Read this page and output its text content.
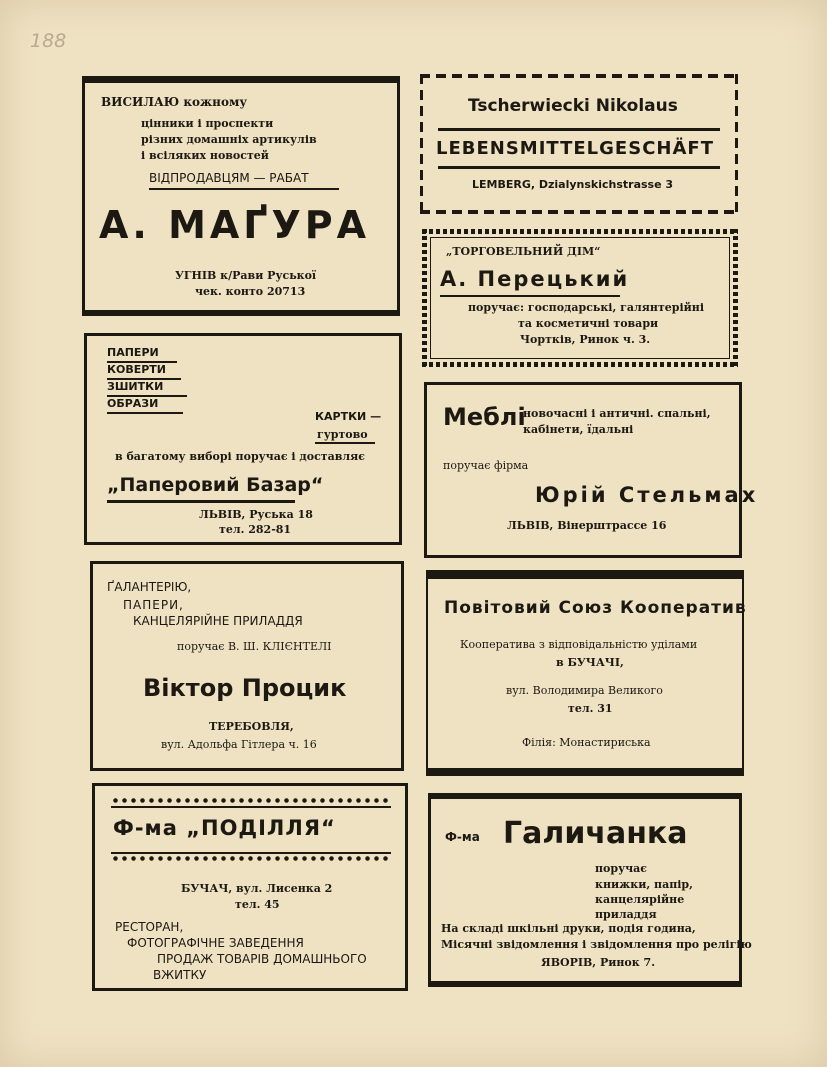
188
ВИСИЛАЮ кожному
цінники і проспекти
різних домашніх артикулів
і всіляких новостей
ВІДПРОДАВЦЯМ — РАБАТ
А. МАҐУРА
УГНІВ к/Рави Руської
чек. конто 20713
Tscherwiecki Nikolaus
LEBENSMITTELGESCHÄFT
LEMBERG, Dzialynskichstrasse 3
„ТОРГОВЕЛЬНИЙ ДІМ“
А. Перецький
поручає: господарські, галянтерійні
та косметичні товари
Чортків, Ринок ч. 3.
ПАПЕРИ
КОВЕРТИ
ЗШИТКИ
ОБРАЗИ
КАРТКИ —
гуртово
в багатому виборі поручає і доставляє
„Паперовий Базар“
ЛЬВІВ, Руська 18
тел. 282-81
Меблі
новочасні і античні. спальні,
кабінети, їдальні
поручає фірма
Юрій Стельмах
ЛЬВІВ, Вінерштрассе 16
ҐАЛАНТЕРІЮ,
ПАПЕРИ,
КАНЦЕЛЯРІЙНЕ ПРИЛАДДЯ
поручає В. Ш. КЛІЄНТЕЛІ
Віктор Процик
ТЕРЕБОВЛЯ,
вул. Адольфа Гітлера ч. 16
Повітовий Союз Кооператив
Кооператива з відповідальністю уділами
в БУЧАЧІ,
вул. Володимира Великого
тел. 31
Філія: Монастириська
Ф-ма „ПОДІЛЛЯ“
БУЧАЧ, вул. Лисенка 2
тел. 45
РЕСТОРАН,
ФОТОГРАФІЧНЕ ЗАВЕДЕННЯ
ПРОДАЖ ТОВАРІВ ДОМАШНЬОГО
ВЖИТКУ
Ф-ма Галичанка
поручає
книжки, папір,
канцелярійне
приладдя
На складі шкільні друки, подія година,
Місячні звідомлення і звідомлення про релігію
ЯВОРІВ, Ринок 7.
